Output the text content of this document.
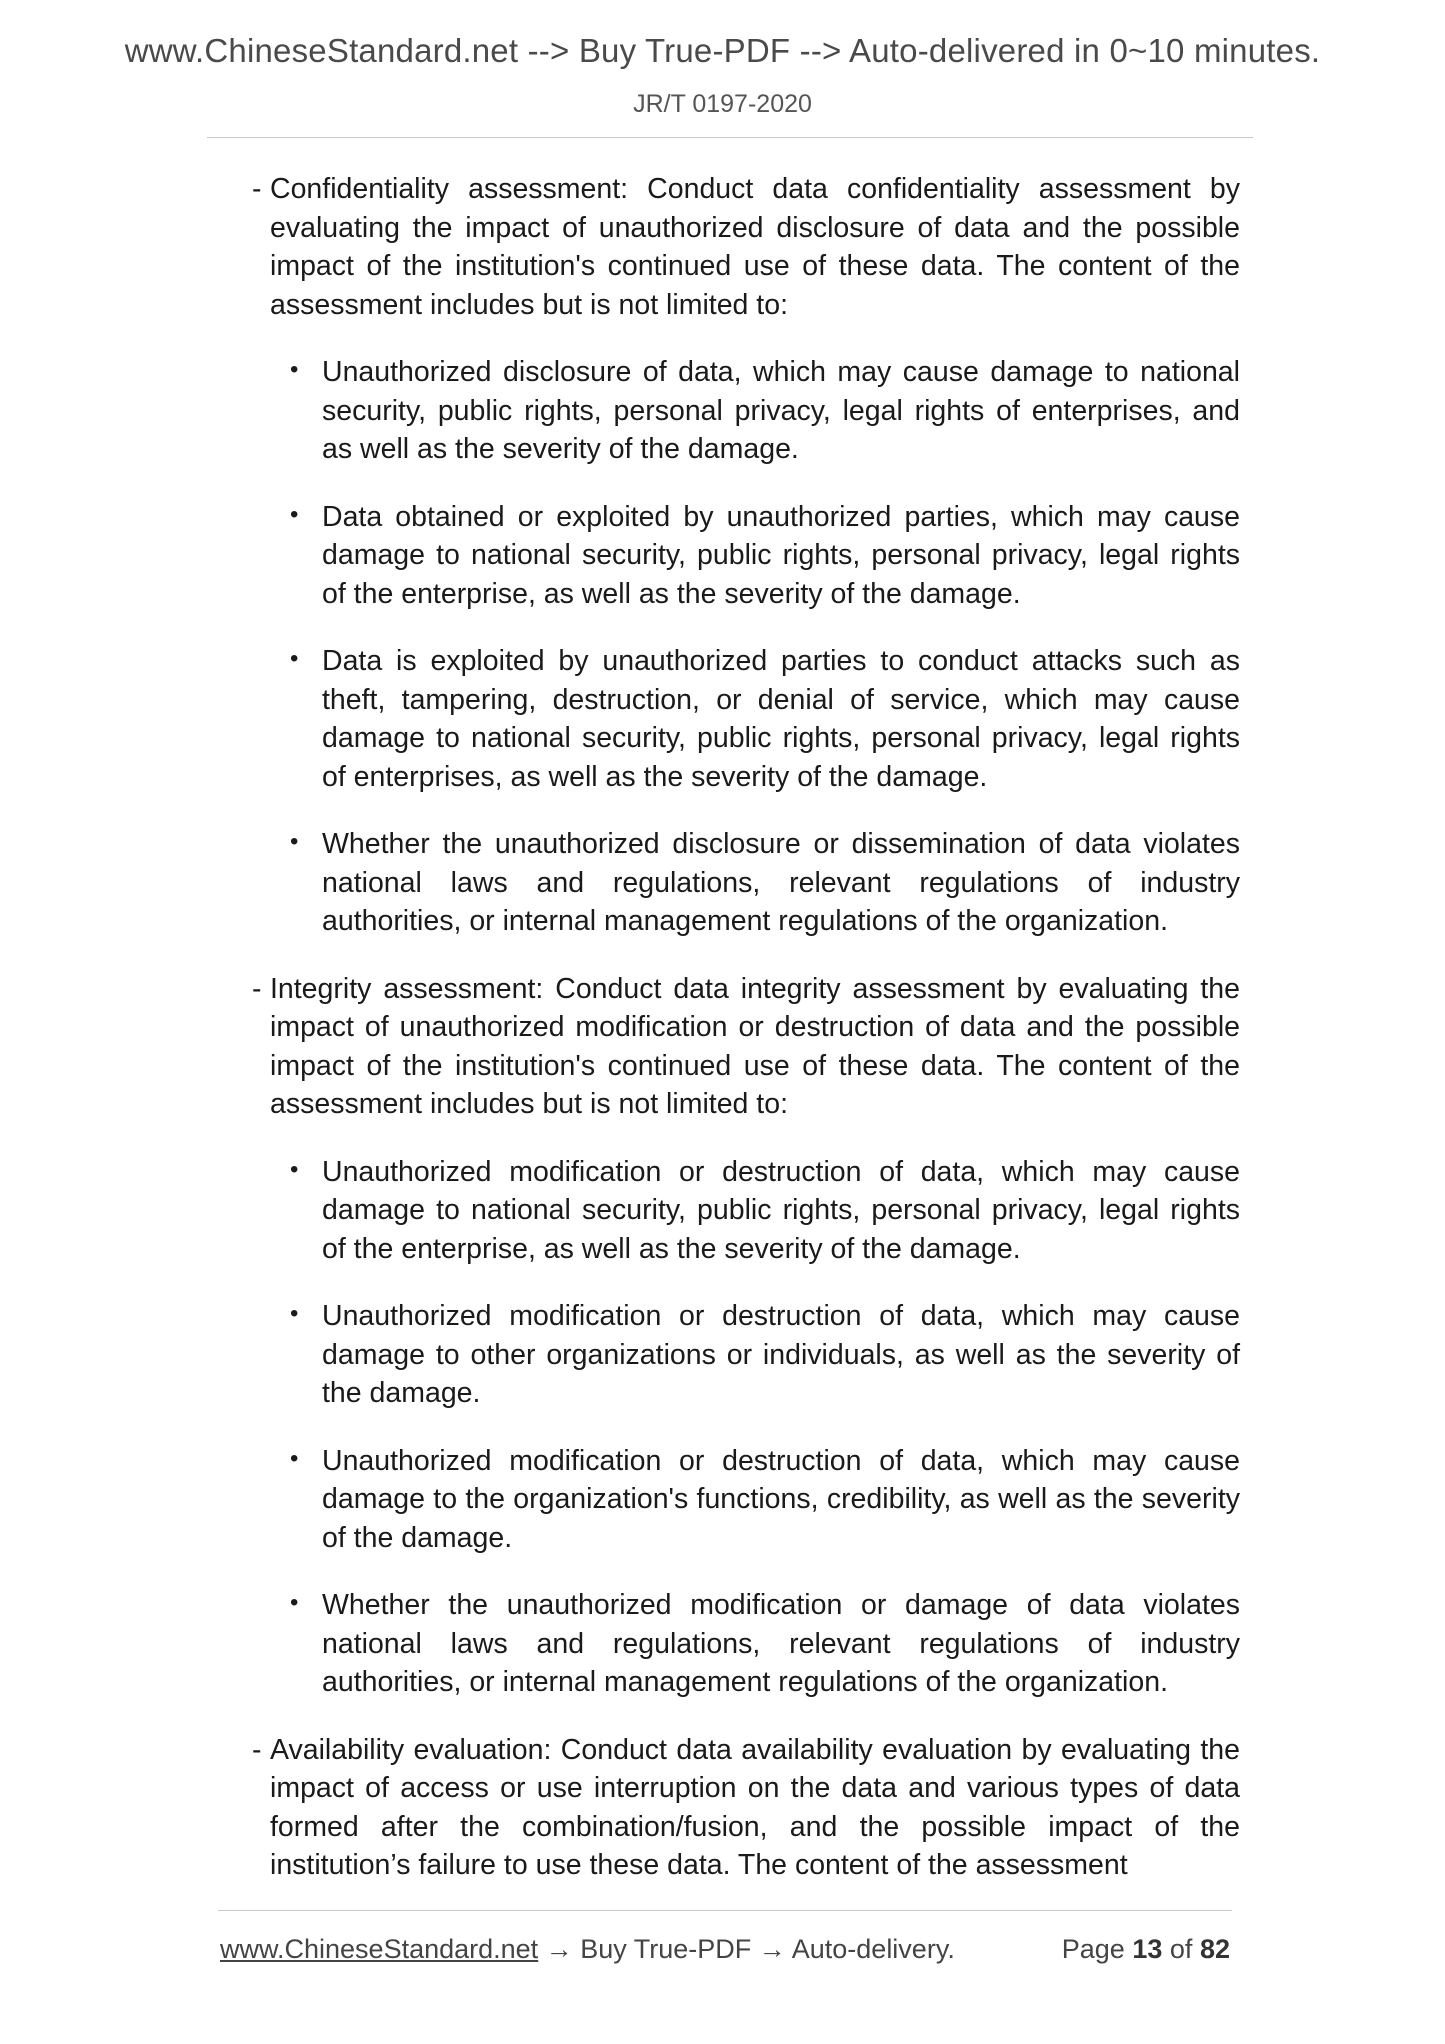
www.ChineseStandard.net --> Buy True-PDF --> Auto-delivered in 0~10 minutes.
JR/T 0197-2020
- Confidentiality assessment: Conduct data confidentiality assessment by evaluating the impact of unauthorized disclosure of data and the possible impact of the institution's continued use of these data. The content of the assessment includes but is not limited to:
• Unauthorized disclosure of data, which may cause damage to national security, public rights, personal privacy, legal rights of enterprises, and as well as the severity of the damage.
• Data obtained or exploited by unauthorized parties, which may cause damage to national security, public rights, personal privacy, legal rights of the enterprise, as well as the severity of the damage.
• Data is exploited by unauthorized parties to conduct attacks such as theft, tampering, destruction, or denial of service, which may cause damage to national security, public rights, personal privacy, legal rights of enterprises, as well as the severity of the damage.
• Whether the unauthorized disclosure or dissemination of data violates national laws and regulations, relevant regulations of industry authorities, or internal management regulations of the organization.
- Integrity assessment: Conduct data integrity assessment by evaluating the impact of unauthorized modification or destruction of data and the possible impact of the institution's continued use of these data. The content of the assessment includes but is not limited to:
• Unauthorized modification or destruction of data, which may cause damage to national security, public rights, personal privacy, legal rights of the enterprise, as well as the severity of the damage.
• Unauthorized modification or destruction of data, which may cause damage to other organizations or individuals, as well as the severity of the damage.
• Unauthorized modification or destruction of data, which may cause damage to the organization's functions, credibility, as well as the severity of the damage.
• Whether the unauthorized modification or damage of data violates national laws and regulations, relevant regulations of industry authorities, or internal management regulations of the organization.
- Availability evaluation: Conduct data availability evaluation by evaluating the impact of access or use interruption on the data and various types of data formed after the combination/fusion, and the possible impact of the institution’s failure to use these data. The content of the assessment
www.ChineseStandard.net → Buy True-PDF → Auto-delivery.	Page 13 of 82
